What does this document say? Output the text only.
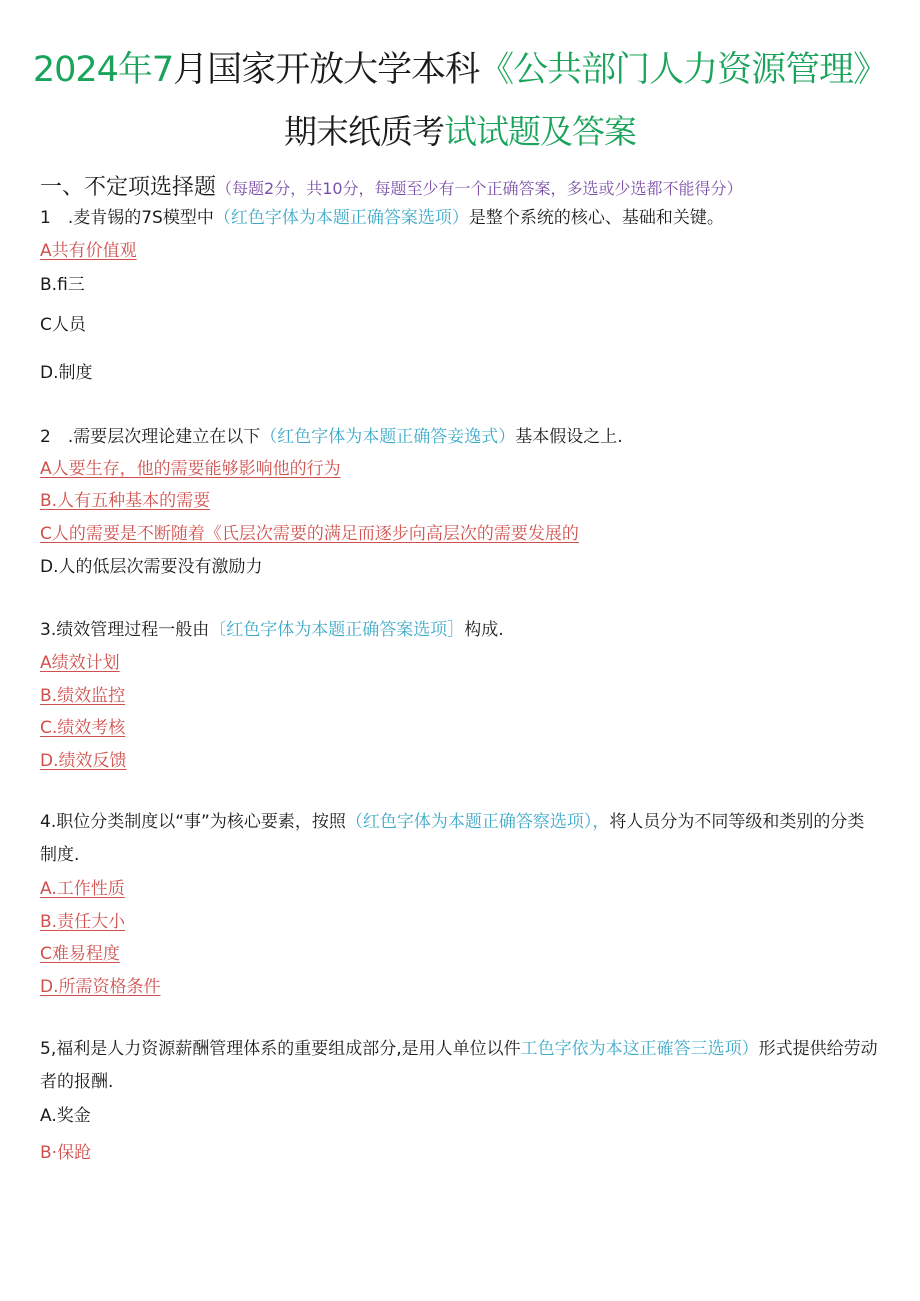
2024年7月国家开放大学本科《公共部门人力资源管理》
期末纸质考试试题及答案
一、不定项选择题（每题2分，共10分，每题至少有一个正确答案，多选或少选都不能得分）
1　.麦肯锡的7S模型中（红色字体为本题正确答案选项）是整个系统的核心、基础和关键。
A共有价值观
B.fi三
C人员
D.制度
2　.需要层次理论建立在以下（红色字体为本题正确答妾逸式）基本假设之上.
A人要生存，他的需要能够影响他的行为
B.人有五种基本的需要
C人的需要是不断随着《氏层次需要的满足而逐步向高层次的需要发展的
D.人的低层次需要没有激励力
3.绩效管理过程一般由〔红色字体为本题正确答案选项］构成.
A绩效计划
B.绩效监控
C.绩效考核
D.绩效反馈
4.职位分类制度以“事”为核心要素，按照（红色字体为本题正确答察选项），将人员分为不同等级和类别的分类制度.
A.工作性质
B.责任大小
C难易程度
D.所需资格条件
5,福利是人力资源薪酬管理体系的重要组成部分,是用人单位以件工色字依为本这正確答三选项）形式提供给劳动者的报酬.
A.奖金
B·保跄
